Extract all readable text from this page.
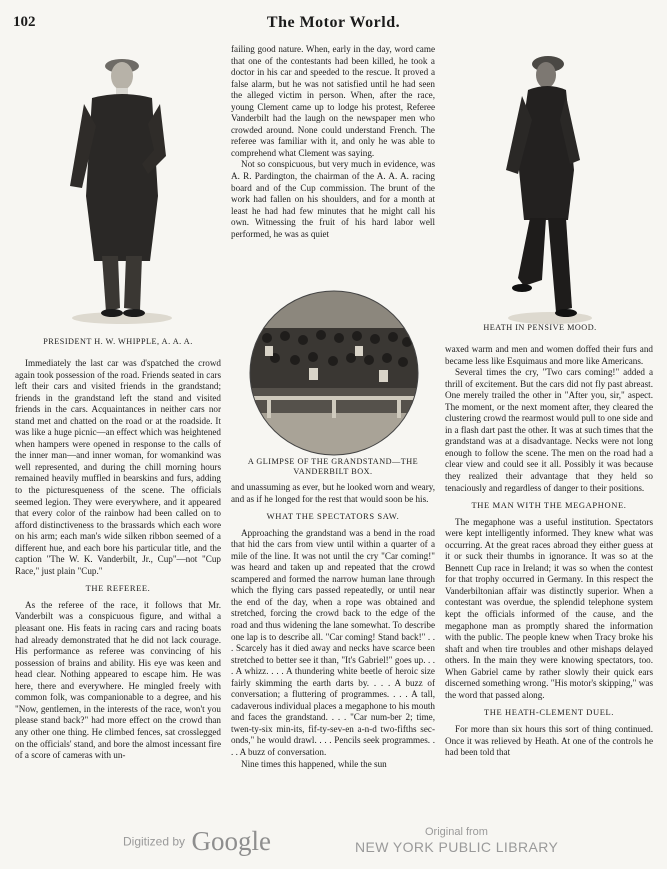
102	The Motor World.
PRESIDENT H. W. WHIPPLE, A. A. A.
HEATH IN PENSIVE MOOD.
A GLIMPSE OF THE GRANDSTAND—THE VANDERBILT BOX.

failing good nature. When, early in the day, word came that one of the contestants had been killed, he took a doctor in his car and speeded to the rescue. It proved a false alarm, but he was not satisfied until he had seen the alleged victim in person. When, after the race, young Clement came up to lodge his protest, Referee Vanderbilt had the laugh on the newspaper men who crowded around. None could understand French. The referee was familiar with it, and only he was able to comprehend what Clement was saying.

Not so conspicuous, but very much in evidence, was A. R. Pardington, the chairman of the A. A. A. racing board and of the Cup commission. The brunt of the work had fallen on his shoulders, and for a month at least he had had few minutes that he might call his own. Witnessing the fruit of his hard labor well performed, he was as quiet

Immediately the last car was d'spatched the crowd again took possession of the road. Friends seated in cars left their cars and visited friends in the grandstand; friends in the grandstand left the stand and visited friends in the cars. Acquaintances in neither cars nor stand met and chatted on the road or at the roadside. It was like a huge picnic—an effect which was heightened when hampers were opened in response to the calls of the inner man—and inner woman, for womankind was well represented, and during the chill morning hours remained heavily muffled in bearskins and furs, adding to the picturesqueness of the scene. The officials seemed legion. They were everywhere, and it appeared that every color of the rainbow had been called on to afford distinctiveness to the brassards which each wore on his arm; each man's wide silken ribbon seemed of a different hue, and each bore his particular title, and the caption "The W. K. Vanderbilt, Jr., Cup"—not "Cup Race," just plain "Cup."

THE REFEREE.

As the referee of the race, it follows that Mr. Vanderbilt was a conspicuous figure, and withal a pleasant one. His feats in racing cars and racing boats had already demonstrated that he did not lack courage. His performance as referee was convincing of his possession of brains and ability. His eye was keen and head clear. Nothing appeared to escape him. He was here, there and everywhere. He mingled freely with common folk, was companionable to a degree, and his "Now, gentlemen, in the interests of the race, won't you please stand back?" had more effect on the crowd than any other one thing. He climbed fences, sat crosslegged on the officials' stand, and bore the almost incessant fire of a score of cameras with un-

and unassuming as ever, but he looked worn and weary, and as if he longed for the rest that would soon be his.

WHAT THE SPECTATORS SAW.

Approaching the grandstand was a bend in the road that hid the cars from view until within a quarter of a mile of the line. It was not until the cry "Car coming!" was heard and taken up and repeated that the crowd scampered and formed the narrow human lane through which the flying cars passed repeatedly, or until near the end of the day, when a rope was obtained and stretched, forcing the crowd back to the edge of the road and thus widening the lane somewhat. To describe one lap is to describe all. "Car coming! Stand back!" . . . Scarcely has it died away and necks have scarce been stretched to better see it than, "It's Gabriel!" goes up. . . . A whizz. . . . A thundering white beetle of heroic size fairly skimming the earth darts by. . . . A buzz of conversation; a fluttering of programmes. . . . A tall, cadaverous individual places a megaphone to his mouth and faces the grandstand. . . . "Car num-ber 2; time, twen-ty-six min-its, fif-ty-sev-en a-n-d two-fifths sec-onds," he would drawl. . . . Pencils seek programmes. . . . A buzz of conversation.

Nine times this happened, while the sun

waxed warm and men and women doffed their furs and became less like Esquimaus and more like Americans.

Several times the cry, "Two cars coming!" added a thrill of excitement. But the cars did not fly past abreast. One merely trailed the other in "After you, sir," aspect. The moment, or the next moment after, they cleared the clustering crowd the rearmost would pull to one side and in a flash dart past the other. It was at such times that the grandstand was at a disadvantage. Necks were not long enough to follow the scene. The men on the road had a clear view and could see it all. Possibly it was because they realized their advantage that they held so tenaciously and regardless of danger to their positions.

THE MAN WITH THE MEGAPHONE.

The megaphone was a useful institution. Spectators were kept intelligently informed. They knew what was occurring. At the great races abroad they either guess at it or suck their thumbs in ignorance. It was so at the Bennett Cup race in Ireland; it was so when the contest for that trophy occurred in Germany. In this respect the Vanderbiltonian affair was distinctly superior. When a contestant was overdue, the splendid telephone system kept the officials informed of the cause, and the megaphone man as promptly shared the information with the public. The people knew when Tracy broke his shaft and when tire troubles and other mishaps delayed others. In the main they were knowing spectators, too. When Gabriel came by rather slowly their quick ears discerned something wrong. "His motor's skipping," was the word that passed along.

THE HEATH-CLEMENT DUEL.

For more than six hours this sort of thing continued. Once it was relieved by Heath. At one of the controls he had been told that

Digitized by Google	Original from
NEW YORK PUBLIC LIBRARY
